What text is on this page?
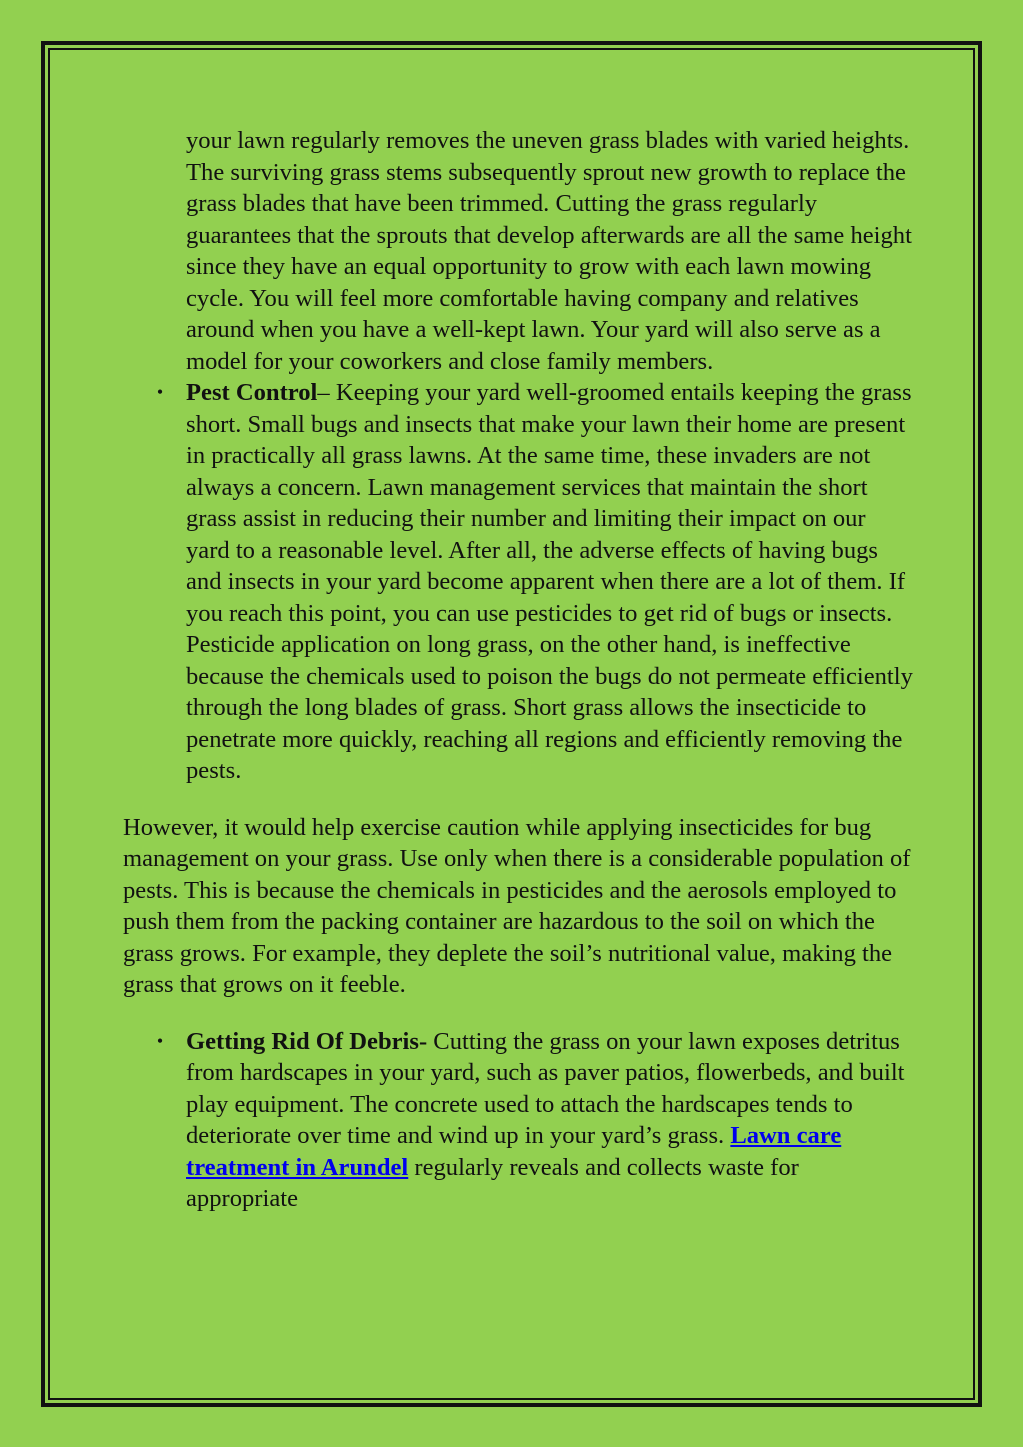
your lawn regularly removes the uneven grass blades with varied heights. The surviving grass stems subsequently sprout new growth to replace the grass blades that have been trimmed. Cutting the grass regularly guarantees that the sprouts that develop afterwards are all the same height since they have an equal opportunity to grow with each lawn mowing cycle. You will feel more comfortable having company and relatives around when you have a well-kept lawn. Your yard will also serve as a model for your coworkers and close family members.

• Pest Control– Keeping your yard well-groomed entails keeping the grass short. Small bugs and insects that make your lawn their home are present in practically all grass lawns. At the same time, these invaders are not always a concern. Lawn management services that maintain the short grass assist in reducing their number and limiting their impact on our yard to a reasonable level. After all, the adverse effects of having bugs and insects in your yard become apparent when there are a lot of them. If you reach this point, you can use pesticides to get rid of bugs or insects. Pesticide application on long grass, on the other hand, is ineffective because the chemicals used to poison the bugs do not permeate efficiently through the long blades of grass. Short grass allows the insecticide to penetrate more quickly, reaching all regions and efficiently removing the pests.

However, it would help exercise caution while applying insecticides for bug management on your grass. Use only when there is a considerable population of pests. This is because the chemicals in pesticides and the aerosols employed to push them from the packing container are hazardous to the soil on which the grass grows. For example, they deplete the soil’s nutritional value, making the grass that grows on it feeble.

• Getting Rid Of Debris- Cutting the grass on your lawn exposes detritus from hardscapes in your yard, such as paver patios, flowerbeds, and built play equipment. The concrete used to attach the hardscapes tends to deteriorate over time and wind up in your yard’s grass. Lawn care treatment in Arundel regularly reveals and collects waste for appropriate
